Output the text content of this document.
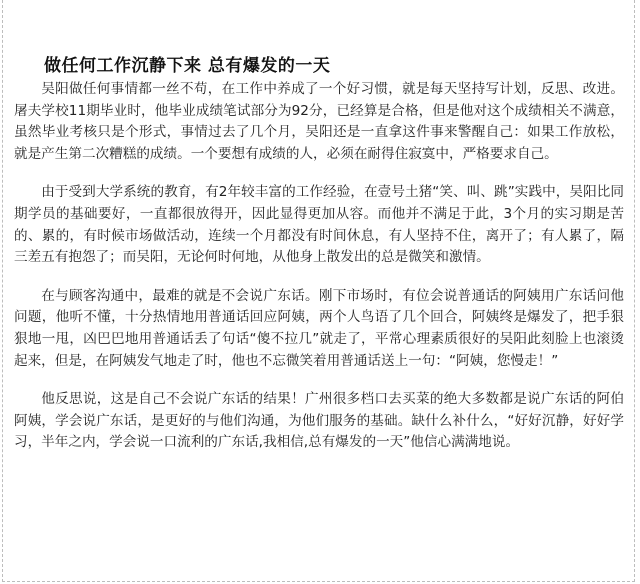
做任何工作沉静下来 总有爆发的一天

吴阳做任何事情都一丝不苟，在工作中养成了一个好习惯，就是每天坚持写计划，反思、改进。屠夫学校11期毕业时，他毕业成绩笔试部分为92分，已经算是合格，但是他对这个成绩相关不满意，虽然毕业考核只是个形式，事情过去了几个月，吴阳还是一直拿这件事来警醒自己：如果工作放松，就是产生第二次糟糕的成绩。一个要想有成绩的人，必须在耐得住寂寞中，严格要求自己。

由于受到大学系统的教育，有2年较丰富的工作经验，在壹号土猪“笑、叫、跳”实践中，吴阳比同期学员的基础要好，一直都很放得开，因此显得更加从容。而他并不满足于此，3个月的实习期是苦的、累的，有时候市场做活动，连续一个月都没有时间休息，有人坚持不住，离开了；有人累了，隔三差五有抱怨了；而吴阳，无论何时何地，从他身上散发出的总是微笑和激情。

在与顾客沟通中，最难的就是不会说广东话。刚下市场时，有位会说普通话的阿姨用广东话问他问题，他听不懂，十分热情地用普通话回应阿姨，两个人鸟语了几个回合，阿姨终是爆发了，把手狠狠地一甩，凶巴巴地用普通话丢了句话“傻不拉几”就走了，平常心理素质很好的吴阳此刻脸上也滚烫起来，但是，在阿姨发气地走了时，他也不忘微笑着用普通话送上一句：“阿姨，您慢走！”

他反思说，这是自己不会说广东话的结果！广州很多档口去买菜的绝大多数都是说广东话的阿伯阿姨，学会说广东话，是更好的与他们沟通，为他们服务的基础。缺什么补什么，“好好沉静，好好学习，半年之内，学会说一口流利的广东话,我相信,总有爆发的一天”他信心满满地说。
